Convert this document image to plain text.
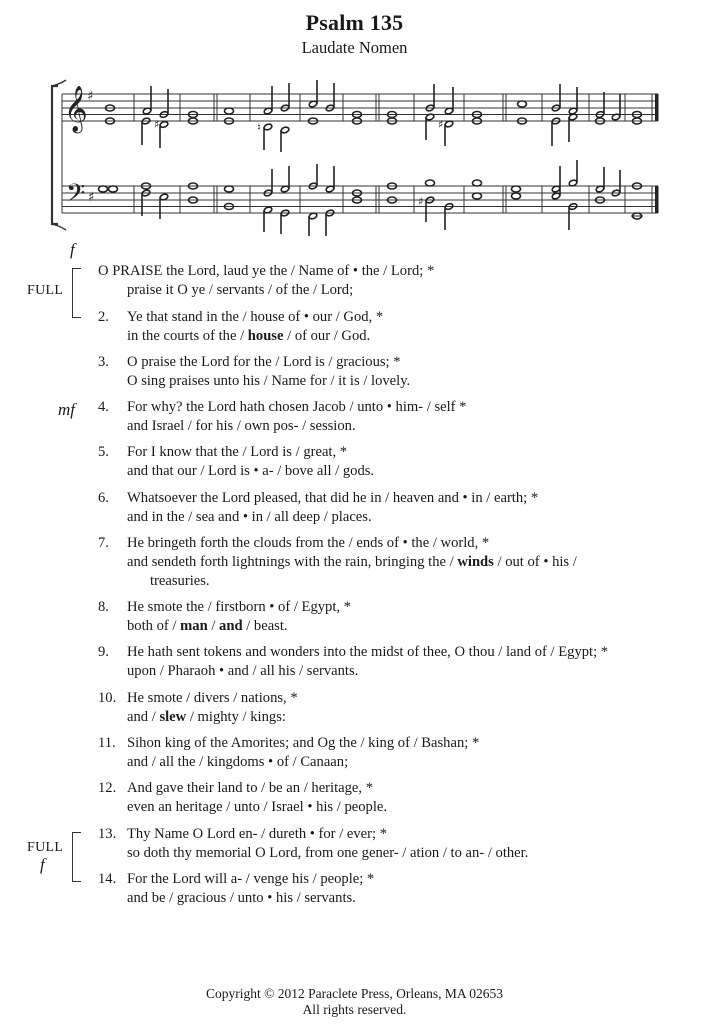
Psalm 135
Laudate Nomen
𝄞
𝄢
♯
♯
♯	♮	♯
♯
f
FULL
mf
FULL
f
O PRAISE the Lord, laud ye the / Name of • the / Lord; *
praise it O ye / servants / of the / Lord;
2.	Ye that stand in the / house of • our / God, *
in the courts of the / house / of our / God.
3.	O praise the Lord for the / Lord is / gracious; *
O sing praises unto his / Name for / it is / lovely.
4.	For why? the Lord hath chosen Jacob / unto • him- / self *
and Israel / for his / own pos- / session.
5.	For I know that the / Lord is / great, *
and that our / Lord is • a- / bove all / gods.
6.	Whatsoever the Lord pleased, that did he in / heaven and • in / earth; *
and in the / sea and • in / all deep / places.
7.	He bringeth forth the clouds from the / ends of • the / world, *
and sendeth forth lightnings with the rain, bringing the / winds / out of • his /
treasuries.
8.	He smote the / firstborn • of / Egypt, *
both of / man / and / beast.
9.	He hath sent tokens and wonders into the midst of thee, O thou / land of / Egypt; *
upon / Pharaoh • and / all his / servants.
10. He smote / divers / nations, *
and / slew / mighty / kings:
11. Sihon king of the Amorites; and Og the / king of / Bashan; *
and / all the / kingdoms • of / Canaan;
12. And gave their land to / be an / heritage, *
even an heritage / unto / Israel • his / people.
13. Thy Name O Lord en- / dureth • for / ever; *
so doth thy memorial O Lord, from one gener- / ation / to an- / other.
14. For the Lord will a- / venge his / people; *
and be / gracious / unto • his / servants.
Copyright © 2012 Paraclete Press, Orleans, MA 02653
All rights reserved.
